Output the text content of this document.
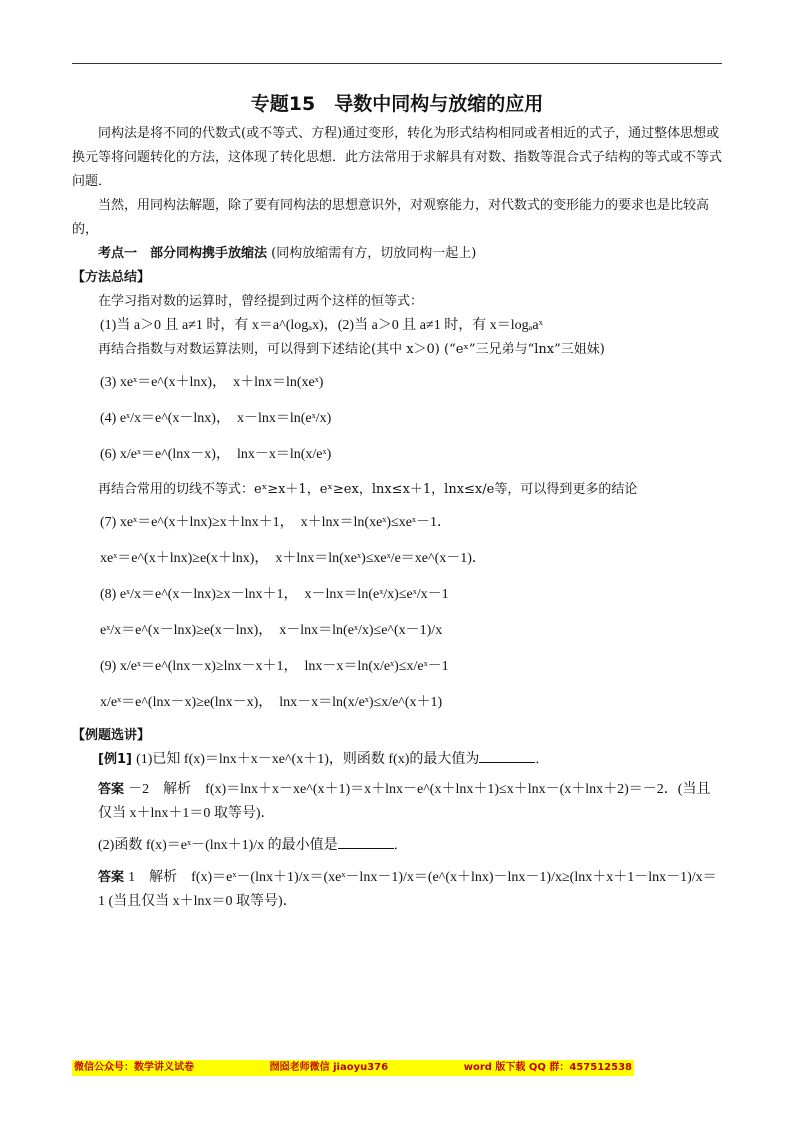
专题15　导数中同构与放缩的应用

同构法是将不同的代数式(或不等式、方程)通过变形，转化为形式结构相同或者相近的式子，通过整体思想或换元等将问题转化的方法，这体现了转化思想．此方法常用于求解具有对数、指数等混合式子结构的等式或不等式问题．

当然，用同构法解题，除了要有同构法的思想意识外，对观察能力，对代数式的变形能力的要求也是比较高的，

考点一　部分同构携手放缩法 (同构放缩需有方，切放同构一起上)

【方法总结】

在学习指对数的运算时，曾经提到过两个这样的恒等式：

(1)当 a＞0 且 a≠1 时，有 x＝a^(logₐx)，(2)当 a＞0 且 a≠1 时，有 x＝logₐaˣ

再结合指数与对数运算法则，可以得到下述结论(其中 x＞0) (“eˣ”三兄弟与“lnx”三姐妹)

(3) xeˣ＝e^(x＋lnx)，　x＋lnx＝ln(xeˣ)
(4) eˣ/x＝e^(x－lnx)，　x－lnx＝ln(eˣ/x)
(6) x/eˣ＝e^(lnx－x)，　lnx－x＝ln(x/eˣ)

再结合常用的切线不等式：eˣ≥x＋1，eˣ≥ex，lnx≤x＋1，lnx≤x/e等，可以得到更多的结论

(7) xeˣ＝e^(x＋lnx)≥x＋lnx＋1，　x＋lnx＝ln(xeˣ)≤xeˣ－1．
xeˣ＝e^(x＋lnx)≥e(x＋lnx)，　x＋lnx＝ln(xeˣ)≤xeˣ/e＝xe^(x－1)．
(8) eˣ/x＝e^(x－lnx)≥x－lnx＋1，　x－lnx＝ln(eˣ/x)≤eˣ/x－1
eˣ/x＝e^(x－lnx)≥e(x－lnx)，　x－lnx＝ln(eˣ/x)≤e^(x－1)/x
(9) x/eˣ＝e^(lnx－x)≥lnx－x＋1，　lnx－x＝ln(x/eˣ)≤x/eˣ－1
x/eˣ＝e^(lnx－x)≥e(lnx－x)，　lnx－x＝ln(x/eˣ)≤x/e^(x＋1)

【例题选讲】

[例1] (1)已知 f(x)＝lnx＋x－xe^(x＋1)，则函数 f(x)的最大值为	．

答案 －2　解析　f(x)＝lnx＋x－xe^(x＋1)＝x＋lnx－e^(x＋lnx＋1)≤x＋lnx－(x＋lnx＋2)＝－2．(当且仅当 x＋lnx＋1＝0 取等号)．

(2)函数 f(x)＝eˣ－(lnx＋1)/x 的最小值是	．

答案 1　解析　f(x)＝eˣ－(lnx＋1)/x＝(xeˣ－lnx－1)/x＝(e^(x＋lnx)－lnx－1)/x≥(lnx＋x＋1－lnx－1)/x＝1 (当且仅当 x＋lnx＝0 取等号)．

微信公众号：数学讲义试卷	囫囵老师微信 jiaoyu376	word 版下载 QQ 群：457512538
